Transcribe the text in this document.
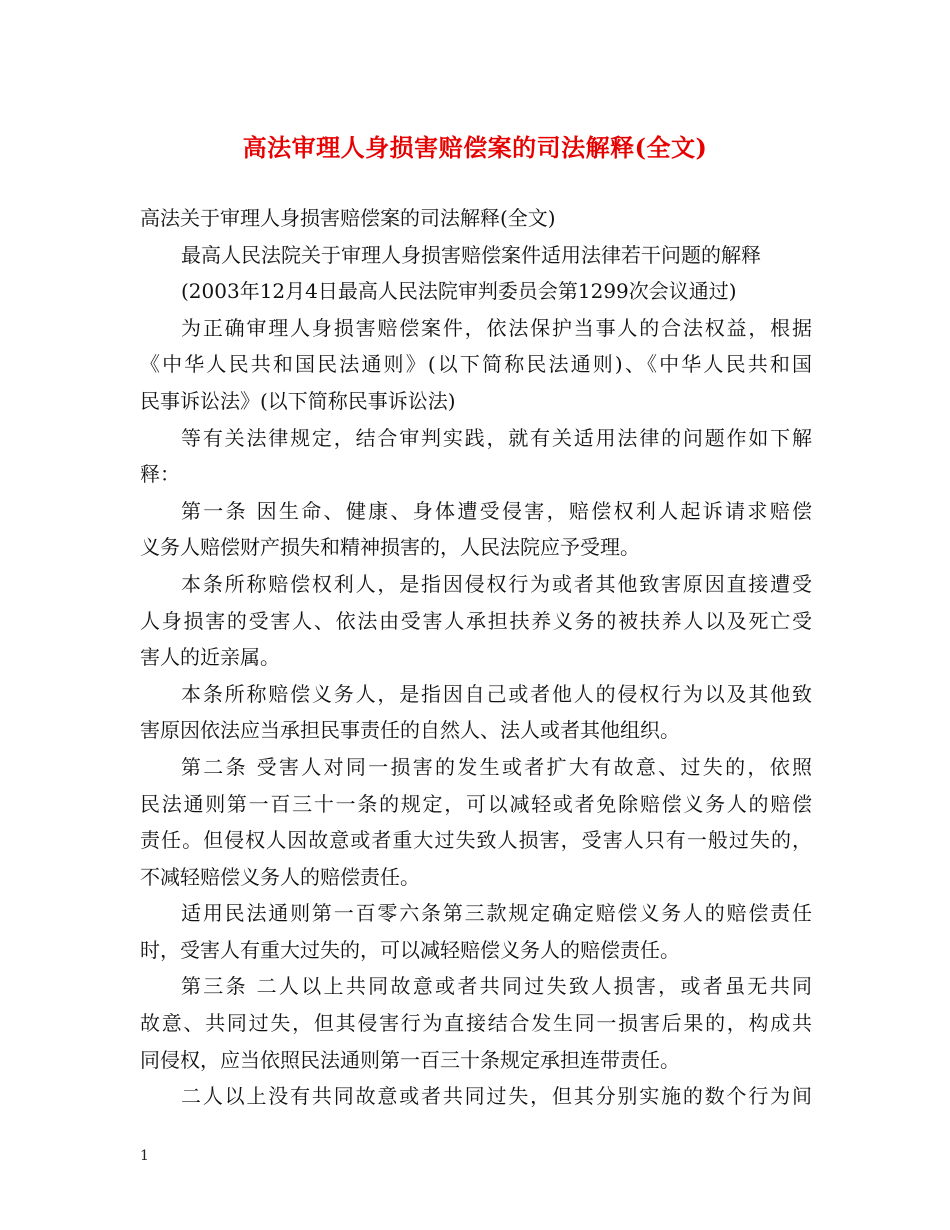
高法审理人身损害赔偿案的司法解释(全文)
高法关于审理人身损害赔偿案的司法解释(全文)
最高人民法院关于审理人身损害赔偿案件适用法律若干问题的解释
(2003年12月4日最高人民法院审判委员会第1299次会议通过)
为正确审理人身损害赔偿案件，依法保护当事人的合法权益，根据
《中华人民共和国民法通则》(以下简称民法通则)、《中华人民共和国
民事诉讼法》(以下简称民事诉讼法)
等有关法律规定，结合审判实践，就有关适用法律的问题作如下解
释：
第一条 因生命、健康、身体遭受侵害，赔偿权利人起诉请求赔偿
义务人赔偿财产损失和精神损害的，人民法院应予受理。
本条所称赔偿权利人，是指因侵权行为或者其他致害原因直接遭受
人身损害的受害人、依法由受害人承担扶养义务的被扶养人以及死亡受
害人的近亲属。
本条所称赔偿义务人，是指因自己或者他人的侵权行为以及其他致
害原因依法应当承担民事责任的自然人、法人或者其他组织。
第二条 受害人对同一损害的发生或者扩大有故意、过失的，依照
民法通则第一百三十一条的规定，可以减轻或者免除赔偿义务人的赔偿
责任。但侵权人因故意或者重大过失致人损害，受害人只有一般过失的，
不减轻赔偿义务人的赔偿责任。
适用民法通则第一百零六条第三款规定确定赔偿义务人的赔偿责任
时，受害人有重大过失的，可以减轻赔偿义务人的赔偿责任。
第三条 二人以上共同故意或者共同过失致人损害，或者虽无共同
故意、共同过失，但其侵害行为直接结合发生同一损害后果的，构成共
同侵权，应当依照民法通则第一百三十条规定承担连带责任。
二人以上没有共同故意或者共同过失，但其分别实施的数个行为间
1
